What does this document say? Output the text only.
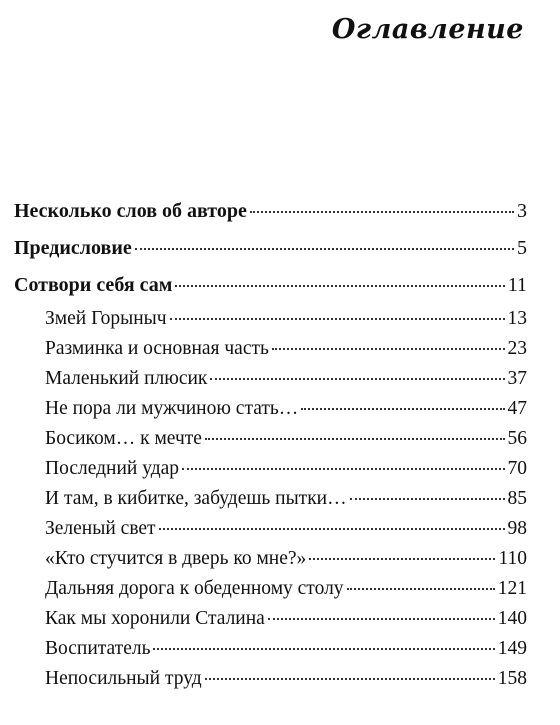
Оглавление
Несколько слов об авторе	3
Предисловие	5
Сотвори себя сам	11
Змей Горыныч	13
Разминка и основная часть	23
Маленький плюсик	37
Не пора ли мужчиною стать…	47
Босиком… к мечте	56
Последний удар	70
И там, в кибитке, забудешь пытки…	85
Зеленый свет	98
«Кто стучится в дверь ко мне?»	110
Дальняя дорога к обеденному столу	121
Как мы хоронили Сталина	140
Воспитатель	149
Непосильный труд	158
